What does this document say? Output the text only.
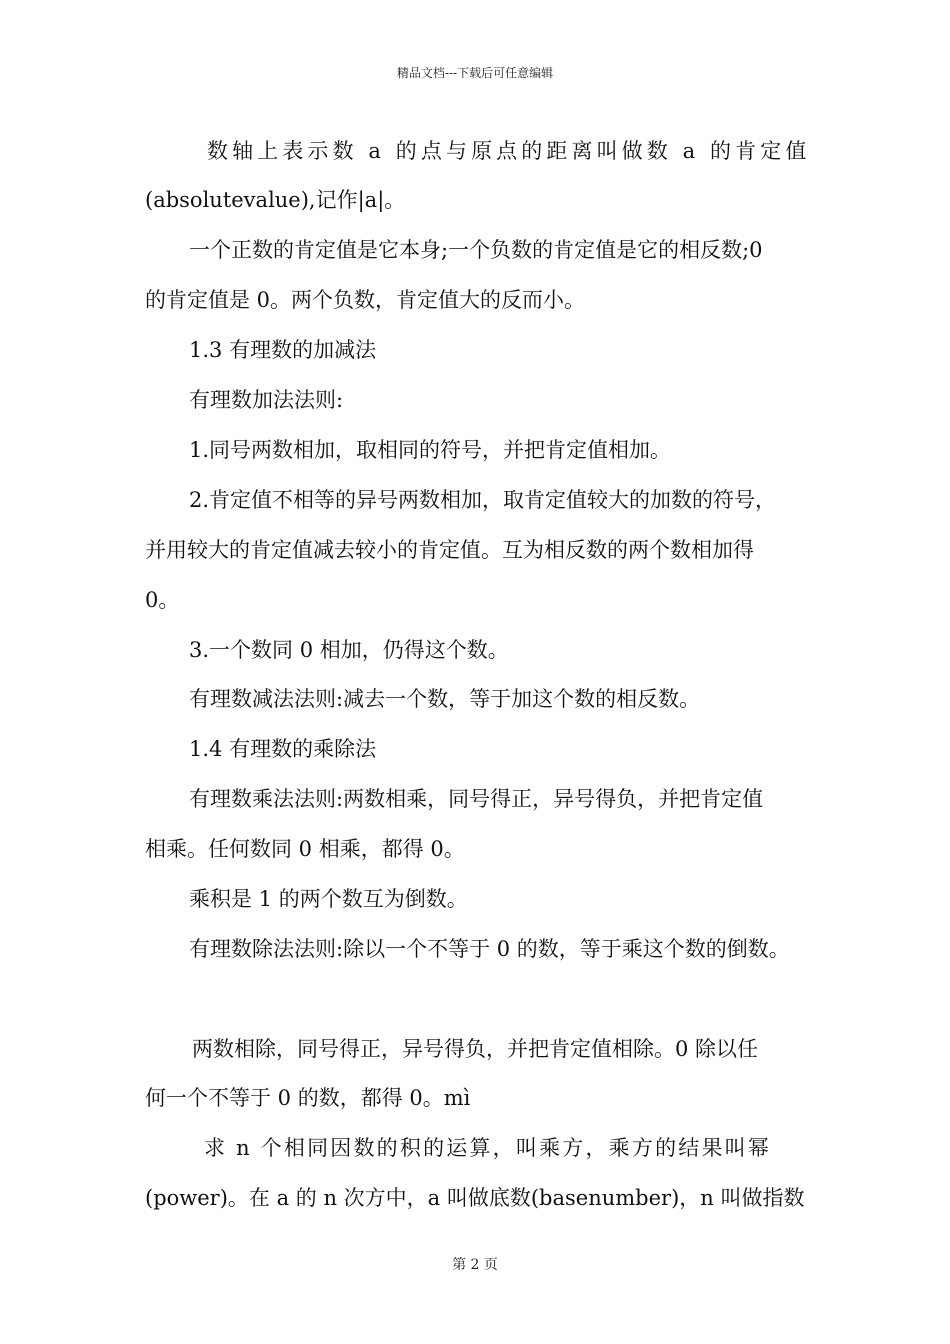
精品文档---下载后可任意编辑
数轴上表示数 a 的点与原点的距离叫做数 a 的肯定值
(absolutevalue),记作|a|。
一个正数的肯定值是它本身;一个负数的肯定值是它的相反数;0
的肯定值是 0。两个负数，肯定值大的反而小。
1.3 有理数的加减法
有理数加法法则:
1.同号两数相加，取相同的符号，并把肯定值相加。
2.肯定值不相等的异号两数相加，取肯定值较大的加数的符号，
并用较大的肯定值减去较小的肯定值。互为相反数的两个数相加得
0。
3.一个数同 0 相加，仍得这个数。
有理数减法法则:减去一个数，等于加这个数的相反数。
1.4 有理数的乘除法
有理数乘法法则:两数相乘，同号得正，异号得负，并把肯定值
相乘。任何数同 0 相乘，都得 0。
乘积是 1 的两个数互为倒数。
有理数除法法则:除以一个不等于 0 的数，等于乘这个数的倒数。
两数相除，同号得正，异号得负，并把肯定值相除。0 除以任
何一个不等于 0 的数，都得 0。mì
求 n 个相同因数的积的运算，叫乘方，乘方的结果叫幂
(power)。在 a 的 n 次方中，a 叫做底数(basenumber)，n 叫做指数
第 2 页
